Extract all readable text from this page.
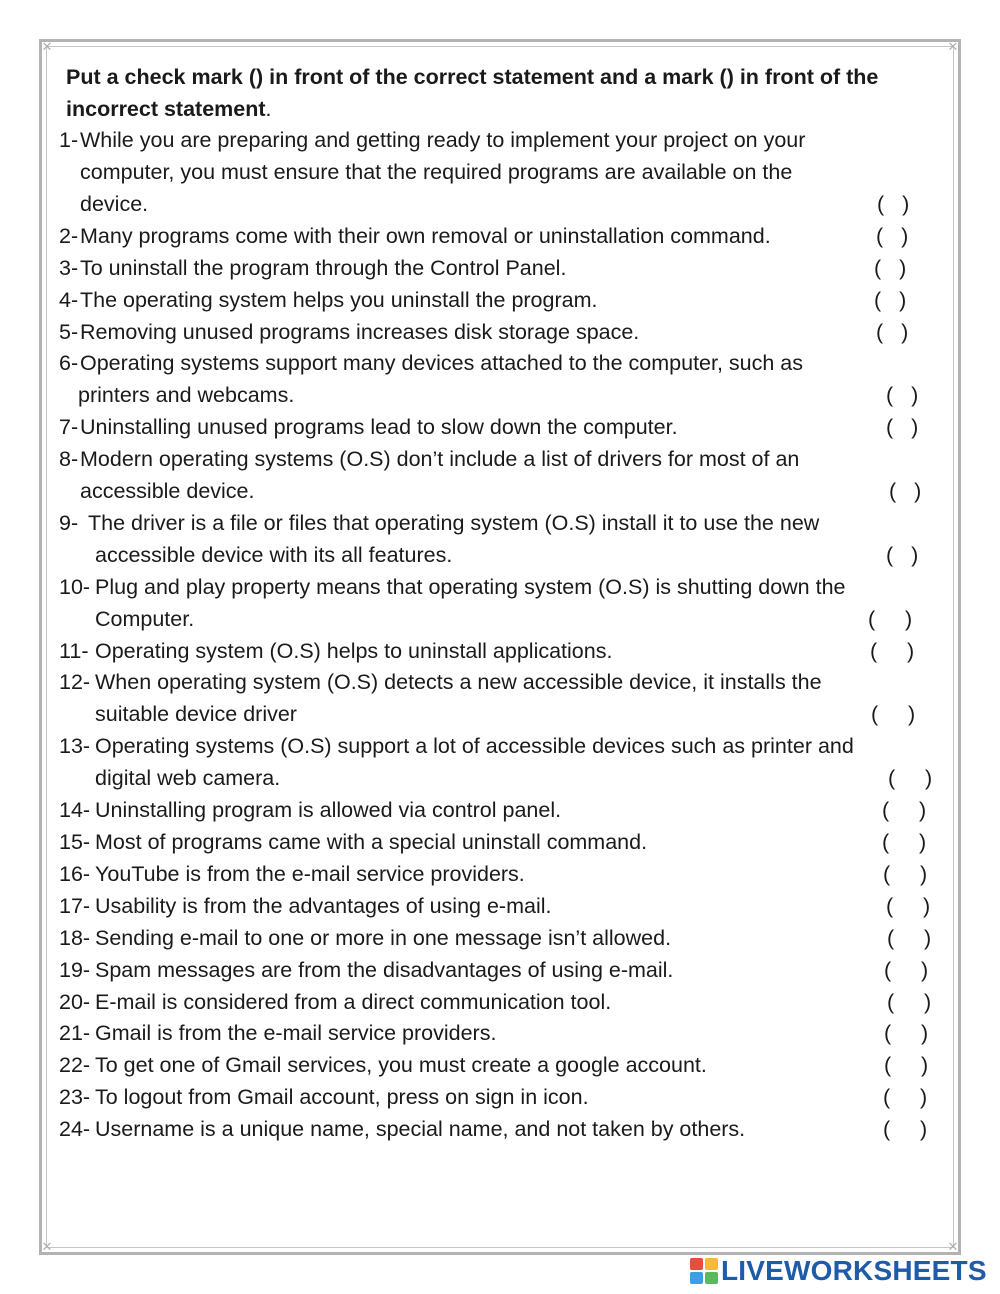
✕	✕
✕	✕
Put a check mark () in front of the correct statement and a mark () in front of the incorrect statement.
1- While you are preparing and getting ready to implement your project on your
computer, you must ensure that the required programs are available on the
device.	(   )
2- Many programs come with their own removal or uninstallation command.	(   )
3- To uninstall the program through the Control Panel.	(   )
4- The operating system helps you uninstall the program.	(   )
5- Removing unused programs increases disk storage space.	(   )
6- Operating systems support many devices attached to the computer, such as
printers and webcams.	(   )
7- Uninstalling unused programs lead to slow down the computer.	(   )
8- Modern operating systems (O.S) don’t include a list of drivers for most of an
accessible device.	(   )
9- The driver is a file or files that operating system (O.S) install it to use the new
accessible device with its all features.	(   )
10- Plug and play property means that operating system (O.S) is shutting down the
Computer.	(     )
11- Operating system (O.S) helps to uninstall applications.	(     )
12- When operating system (O.S) detects a new accessible device, it installs the
suitable device driver	(     )
13- Operating systems (O.S) support a lot of accessible devices such as printer and
digital web camera.	(     )
14- Uninstalling program is allowed via control panel.	(     )
15- Most of programs came with a special uninstall command.	(     )
16- YouTube is from the e-mail service providers.	(     )
17- Usability is from the advantages of using e-mail.	(     )
18- Sending e-mail to one or more in one message isn’t allowed.	(     )
19- Spam messages are from the disadvantages of using e-mail.	(     )
20- E-mail is considered from a direct communication tool.	(     )
21- Gmail is from the e-mail service providers.	(     )
22- To get one of Gmail services, you must create a google account.	(     )
23- To logout from Gmail account, press on sign in icon.	(     )
24- Username is a unique name, special name, and not taken by others.	(     )
LIVEWORKSHEETS
